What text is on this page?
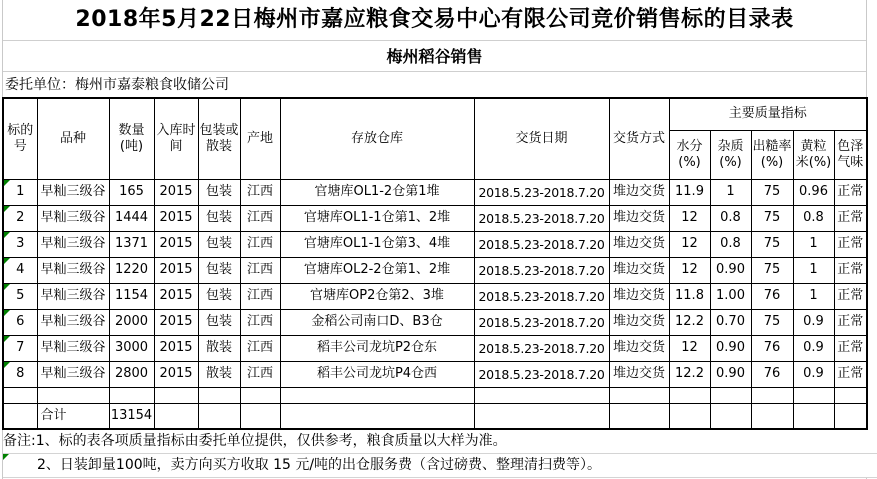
2018年5月22日梅州市嘉应粮食交易中心有限公司竞价销售标的目录表
梅州稻谷销售
委托单位：梅州市嘉泰粮食收储公司
标的号	品种	数量(吨)	入库时间	包装或散装	产地	存放仓库	交货日期	交货方式	主要质量指标				
									水分(%)	杂质(%)	出糙率(%)	黄粒米(%)	色泽气味
1	早籼三级谷	165	2015	包装	江西	官塘库OL1-2仓第1堆	2018.5.23-2018.7.20	堆边交货	11.9	1	75	0.96	正常
2	早籼三级谷	1444	2015	包装	江西	官塘库OL1-1仓第1、2堆	2018.5.23-2018.7.20	堆边交货	12	0.8	75	0.8	正常
3	早籼三级谷	1371	2015	包装	江西	官塘库OL1-1仓第3、4堆	2018.5.23-2018.7.20	堆边交货	12	0.8	75	1	正常
4	早籼三级谷	1220	2015	包装	江西	官塘库OL2-2仓第1、2堆	2018.5.23-2018.7.20	堆边交货	12	0.90	75	1	正常
5	早籼三级谷	1154	2015	包装	江西	官塘库OP2仓第2、3堆	2018.5.23-2018.7.20	堆边交货	11.8	1.00	76	1	正常
6	早籼三级谷	2000	2015	包装	江西	金稻公司南口D、B3仓	2018.5.23-2018.7.20	堆边交货	12.2	0.70	75	0.9	正常
7	早籼三级谷	3000	2015	散装	江西	稻丰公司龙坑P2仓东	2018.5.23-2018.7.20	堆边交货	12	0.90	76	0.9	正常
8	早籼三级谷	2800	2015	散装	江西	稻丰公司龙坑P4仓西	2018.5.23-2018.7.20	堆边交货	12.2	0.90	76	0.9	正常

	合计	13154											
备注:1、标的表各项质量指标由委托单位提供，仅供参考，粮食质量以大样为准。
2、日装卸量100吨，卖方向买方收取 15 元/吨的出仓服务费（含过磅费、整理清扫费等）。
